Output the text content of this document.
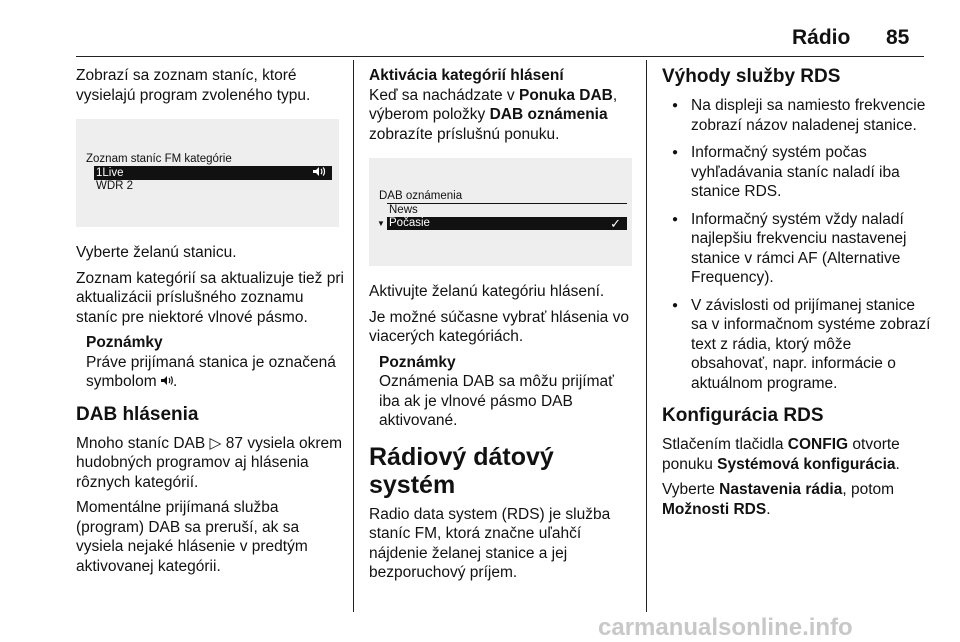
Rádio 85

Zobrazí sa zoznam staníc, ktoré vysielajú program zvoleného typu.

Zoznam staníc FM kategórie
1Live
WDR 2

Vyberte želanú stanicu.

Zoznam kategórií sa aktualizuje tiež pri aktualizácii príslušného zoznamu staníc pre niektoré vlnové pásmo.

Poznámky
Práve prijímaná stanica je označená symbolom .
DAB hlásenia

Mnoho staníc DAB ▷ 87 vysiela okrem hudobných programov aj hlásenia rôznych kategórií.

Momentálne prijímaná služba (program) DAB sa preruší, ak sa vysiela nejaké hlásenie v predtým aktivovanej kategórii.

Aktivácia kategórií hlásení

Keď sa nachádzate v Ponuka DAB, výberom položky DAB oznámenia zobrazíte príslušnú ponuku.

DAB oznámenia
News
▼ Počasie	✓

Aktivujte želanú kategóriu hlásení.

Je možné súčasne vybrať hlásenia vo viacerých kategóriách.

Poznámky
Oznámenia DAB sa môžu prijímať iba ak je vlnové pásmo DAB aktivované.
Rádiový dátový systém

Radio data system (RDS) je služba staníc FM, ktorá značne uľahčí nájdenie želanej stanice a jej bezporuchový príjem.

Výhody služby RDS
● Na displeji sa namiesto frekvencie zobrazí názov naladenej stanice.
● Informačný systém počas vyhľadávania staníc naladí iba stanice RDS.
● Informačný systém vždy naladí najlepšiu frekvenciu nastavenej stanice v rámci AF (Alternative Frequency).
● V závislosti od prijímanej stanice sa v informačnom systéme zobrazí text z rádia, ktorý môže obsahovať, napr. informácie o aktuálnom programe.
Konfigurácia RDS

Stlačením tlačidla CONFIG otvorte ponuku Systémová konfigurácia.

Vyberte Nastavenia rádia, potom Možnosti RDS.

carmanualsonline.info
